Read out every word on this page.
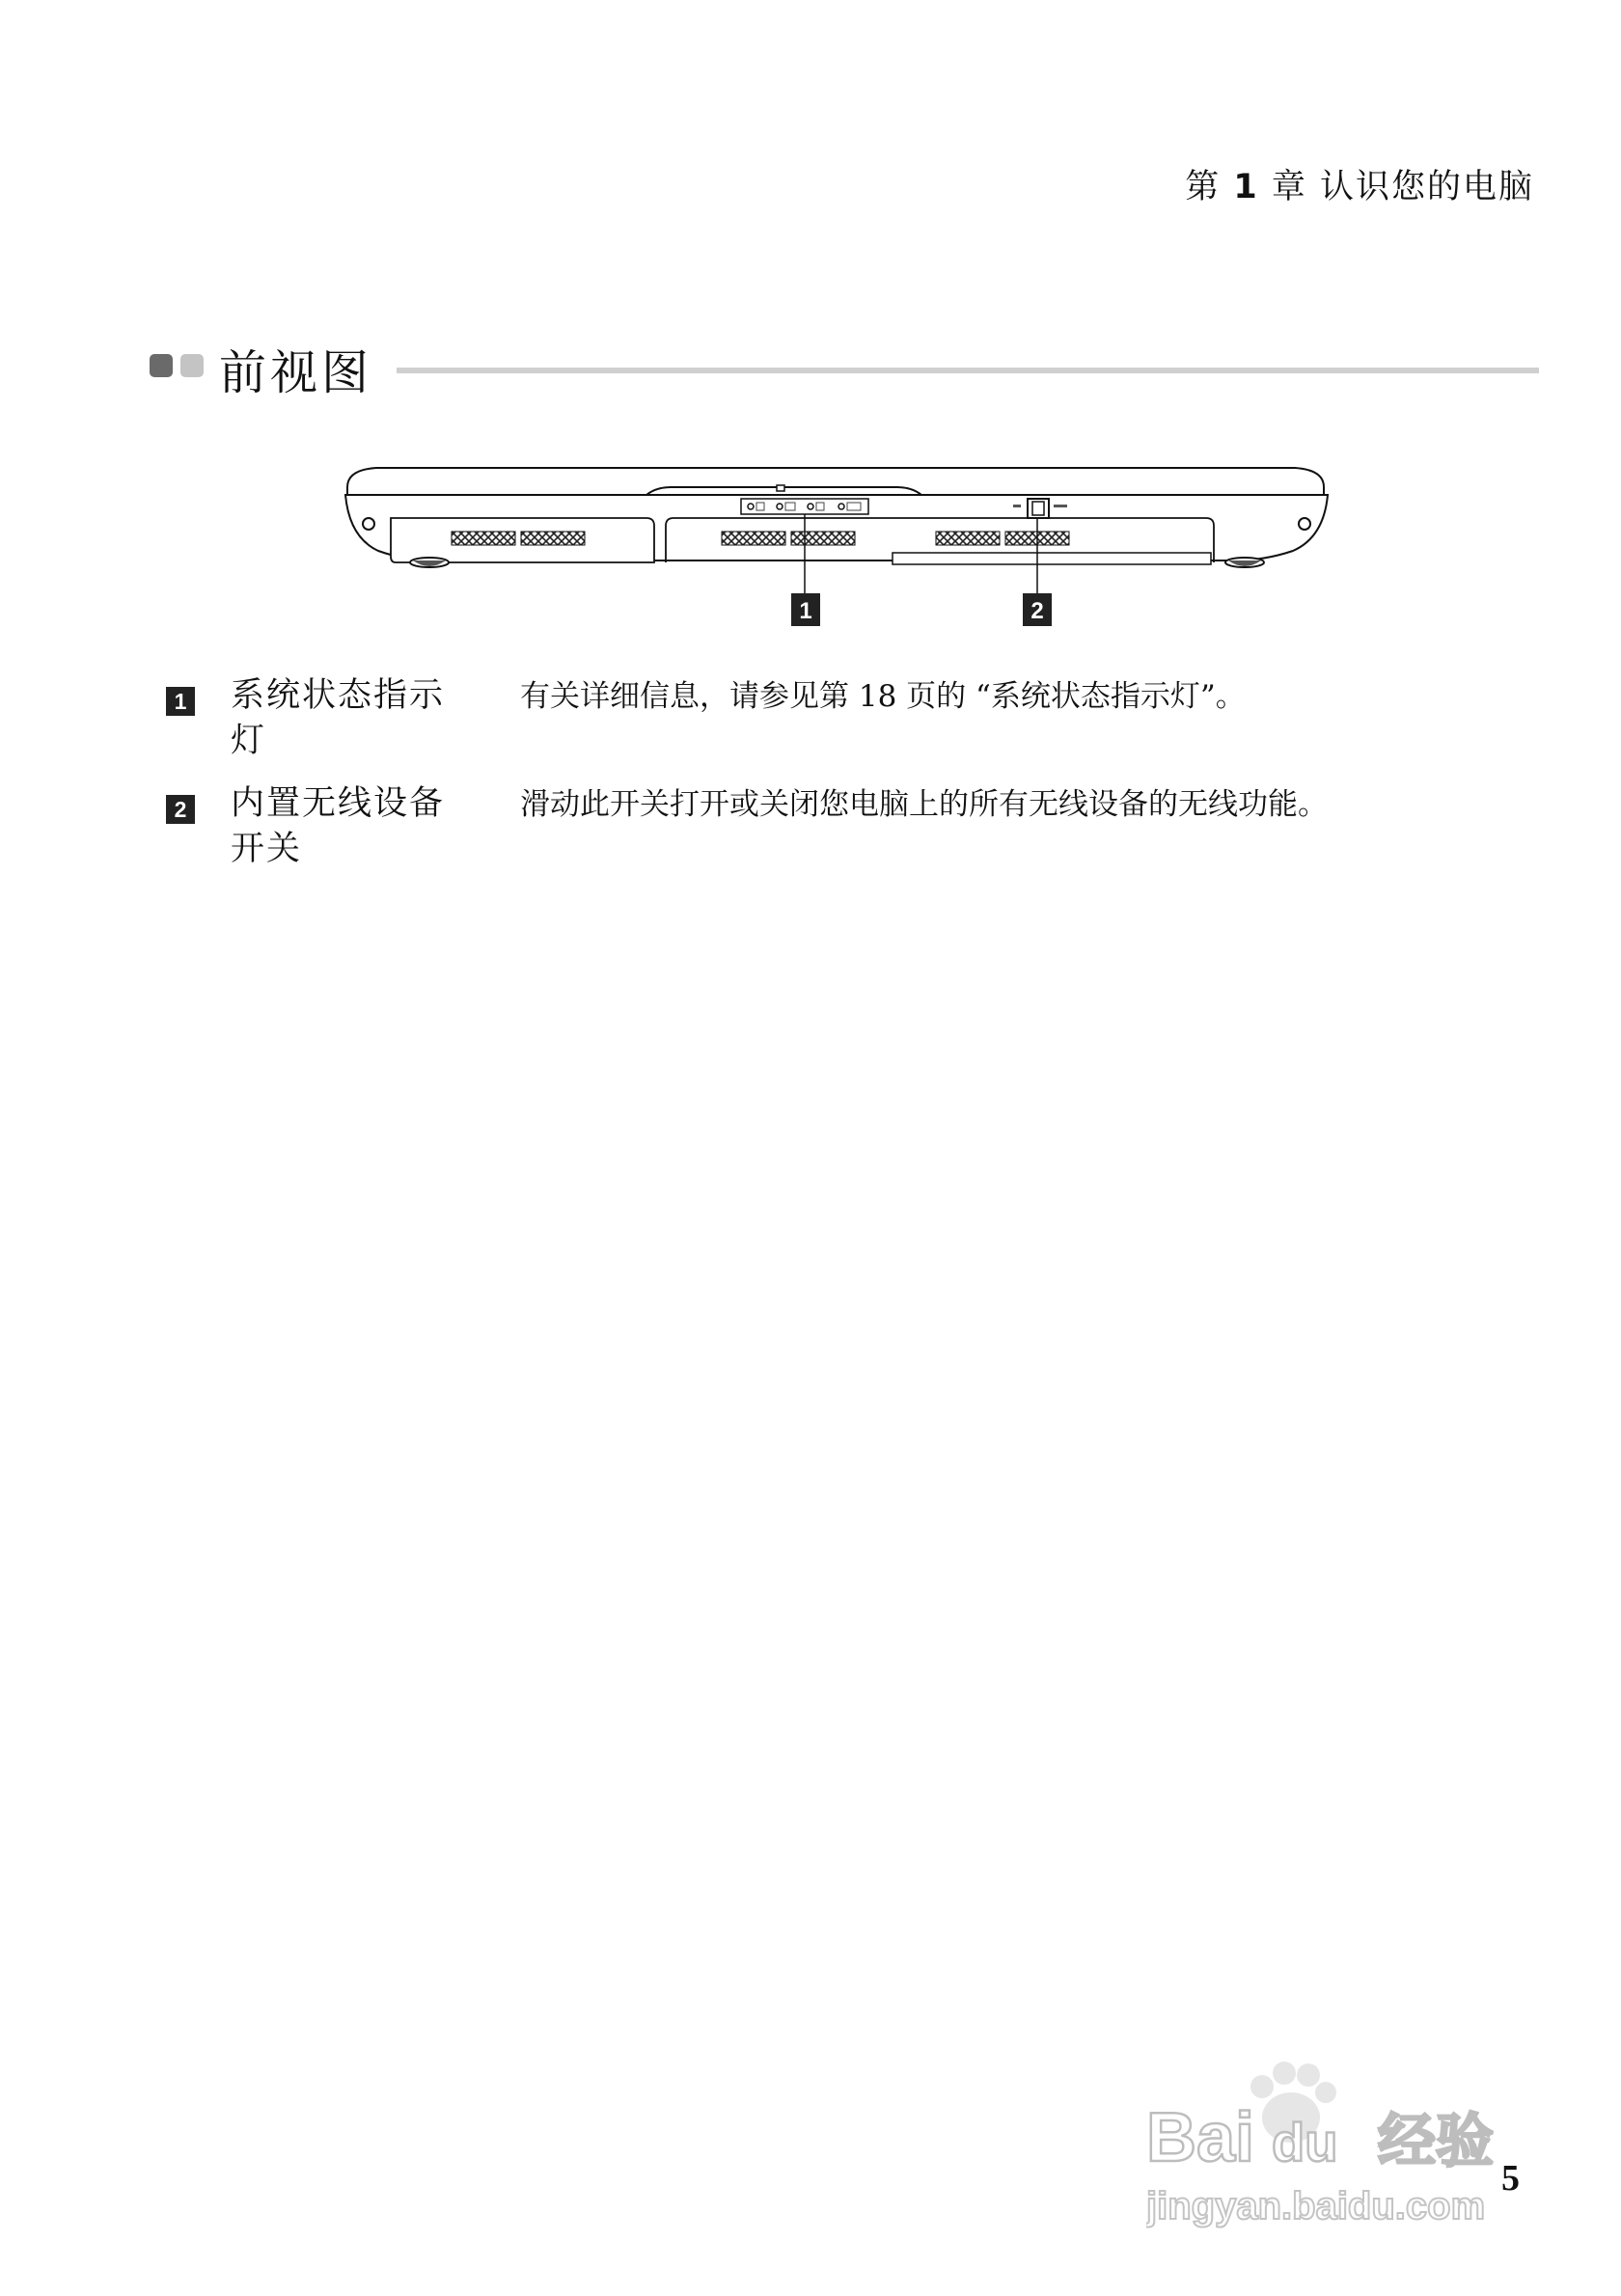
第 1 章 认识您的电脑
前视图
1	2
1 系统状态指示灯
有关详细信息，请参见第 18 页的 “系统状态指示灯”。
2 内置无线设备开关
滑动此开关打开或关闭您电脑上的所有无线设备的无线功能。
Bai du 经验
jingyan.baidu.com
5
